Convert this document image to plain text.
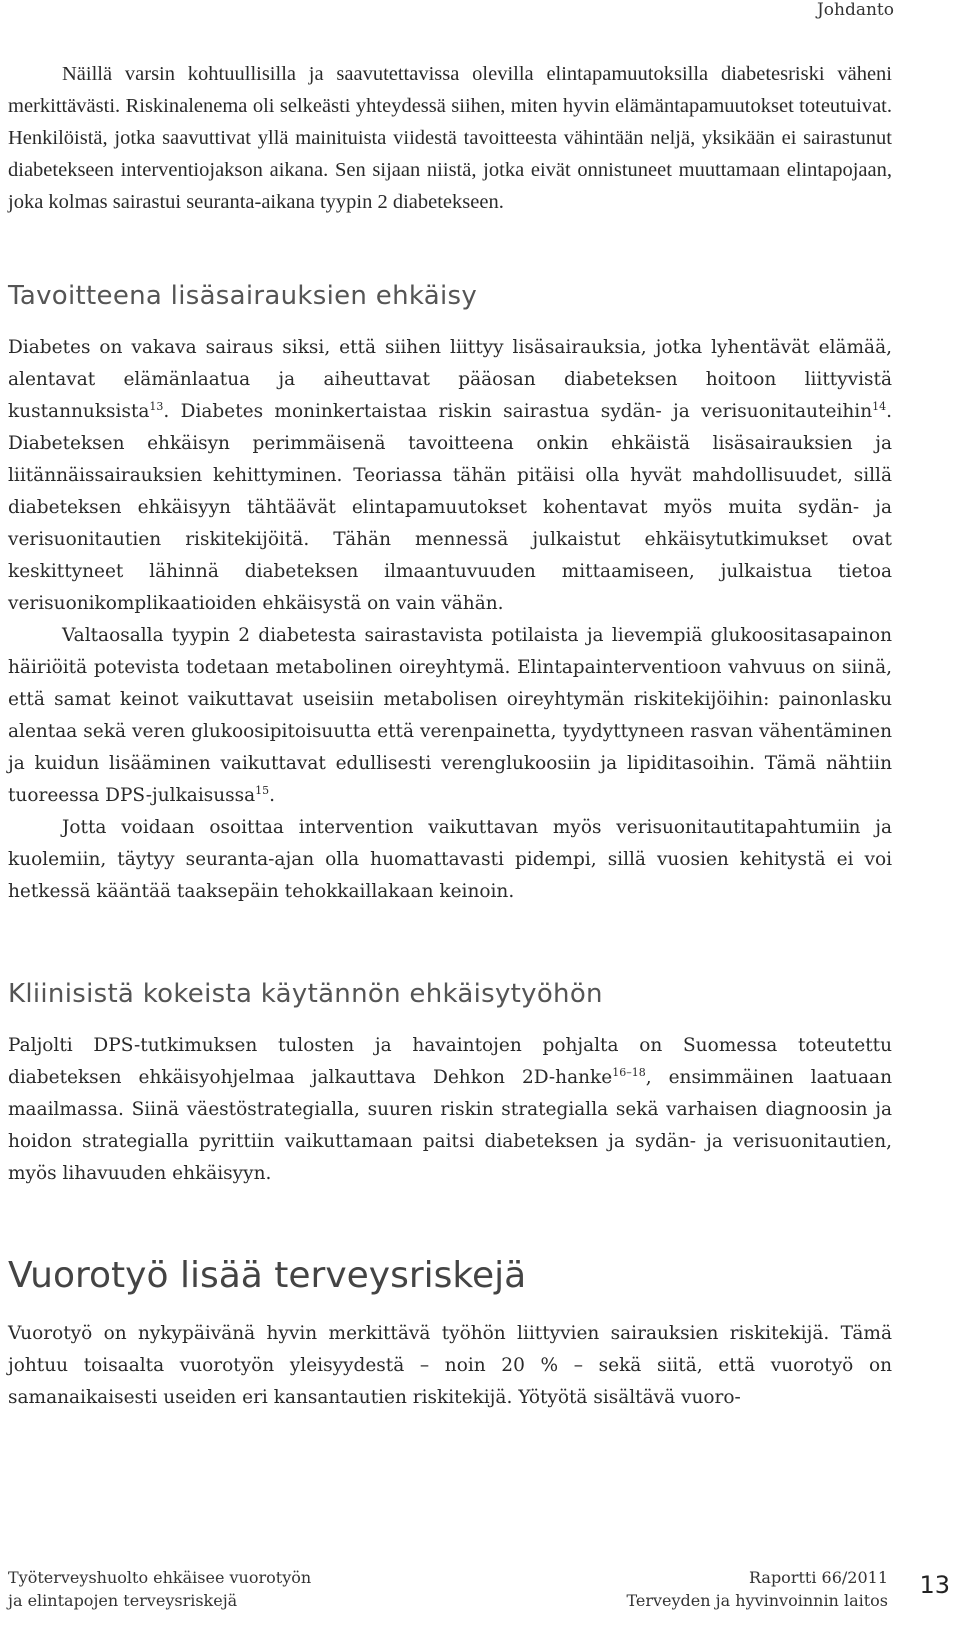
Johdanto

Näillä varsin kohtuullisilla ja saavutettavissa olevilla elintapamuutoksilla diabetesriski väheni merkittävästi. Riskinalenema oli selkeästi yhteydessä siihen, miten hyvin elämäntapamuutokset toteutuivat. Henkilöistä, jotka saavuttivat yllä mainituista viidestä tavoitteesta vähintään neljä, yksikään ei sairastunut diabetekseen interventiojakson aikana. Sen sijaan niistä, jotka eivät onnistuneet muuttamaan elintapojaan, joka kolmas sairastui seuranta-aikana tyypin 2 diabetekseen.

Tavoitteena lisäsairauksien ehkäisy

Diabetes on vakava sairaus siksi, että siihen liittyy lisäsairauksia, jotka lyhentävät elämää, alentavat elämänlaatua ja aiheuttavat pääosan diabeteksen hoitoon liittyvistä kustannuksista$^{13}$. Diabetes moninkertaistaa riskin sairastua sydän- ja verisuonitauteihin$^{14}$. Diabeteksen ehkäisyn perimmäisenä tavoitteena onkin ehkäistä lisäsairauksien ja liitännäissairauksien kehittyminen. Teoriassa tähän pitäisi olla hyvät mahdollisuudet, sillä diabeteksen ehkäisyyn tähtäävät elintapamuutokset kohentavat myös muita sydän- ja verisuonitautien riskitekijöitä. Tähän mennessä julkaistut ehkäisytutkimukset ovat keskittyneet lähinnä diabeteksen ilmaantuvuuden mittaamiseen, julkaistua tietoa verisuonikomplikaatioiden ehkäisystä on vain vähän.

Valtaosalla tyypin 2 diabetesta sairastavista potilaista ja lievempiä glukoositasapainon häiriöitä potevista todetaan metabolinen oireyhtymä. Elintapainterventioon vahvuus on siinä, että samat keinot vaikuttavat useisiin metabolisen oireyhtymän riskitekijöihin: painonlasku alentaa sekä veren glukoosipitoisuutta että verenpainetta, tyydyttyneen rasvan vähentäminen ja kuidun lisääminen vaikuttavat edullisesti verenglukoosiin ja lipiditasoihin. Tämä nähtiin tuoreessa DPS-julkaisussa$^{15}$.

Jotta voidaan osoittaa intervention vaikuttavan myös verisuonitautitapahtumiin ja kuolemiin, täytyy seuranta-ajan olla huomattavasti pidempi, sillä vuosien kehitystä ei voi hetkessä kääntää taaksepäin tehokkaillakaan keinoin.

Kliinisistä kokeista käytännön ehkäisytyöhön

Paljolti DPS-tutkimuksen tulosten ja havaintojen pohjalta on Suomessa toteutettu diabeteksen ehkäisyohjelmaa jalkauttava Dehkon 2D-hanke$^{16-18}$, ensimmäinen laatuaan maailmassa. Siinä väestöstrategialla, suuren riskin strategialla sekä varhaisen diagnoosin ja hoidon strategialla pyrittiin vaikuttamaan paitsi diabeteksen ja sydän- ja verisuonitautien, myös lihavuuden ehkäisyyn.

Vuorotyö lisää terveysriskejä

Vuorotyö on nykypäivänä hyvin merkittävä työhön liittyvien sairauksien riskitekijä. Tämä johtuu toisaalta vuorotyön yleisyydestä – noin 20 % – sekä siitä, että vuorotyö on samanaikaisesti useiden eri kansantautien riskitekijä. Yötyötä sisältävä vuoro-

Työterveyshuolto ehkäisee vuorotyön
ja elintapojen terveysriskejä
Raportti 66/2011
Terveyden ja hyvinvoinnin laitos
13
